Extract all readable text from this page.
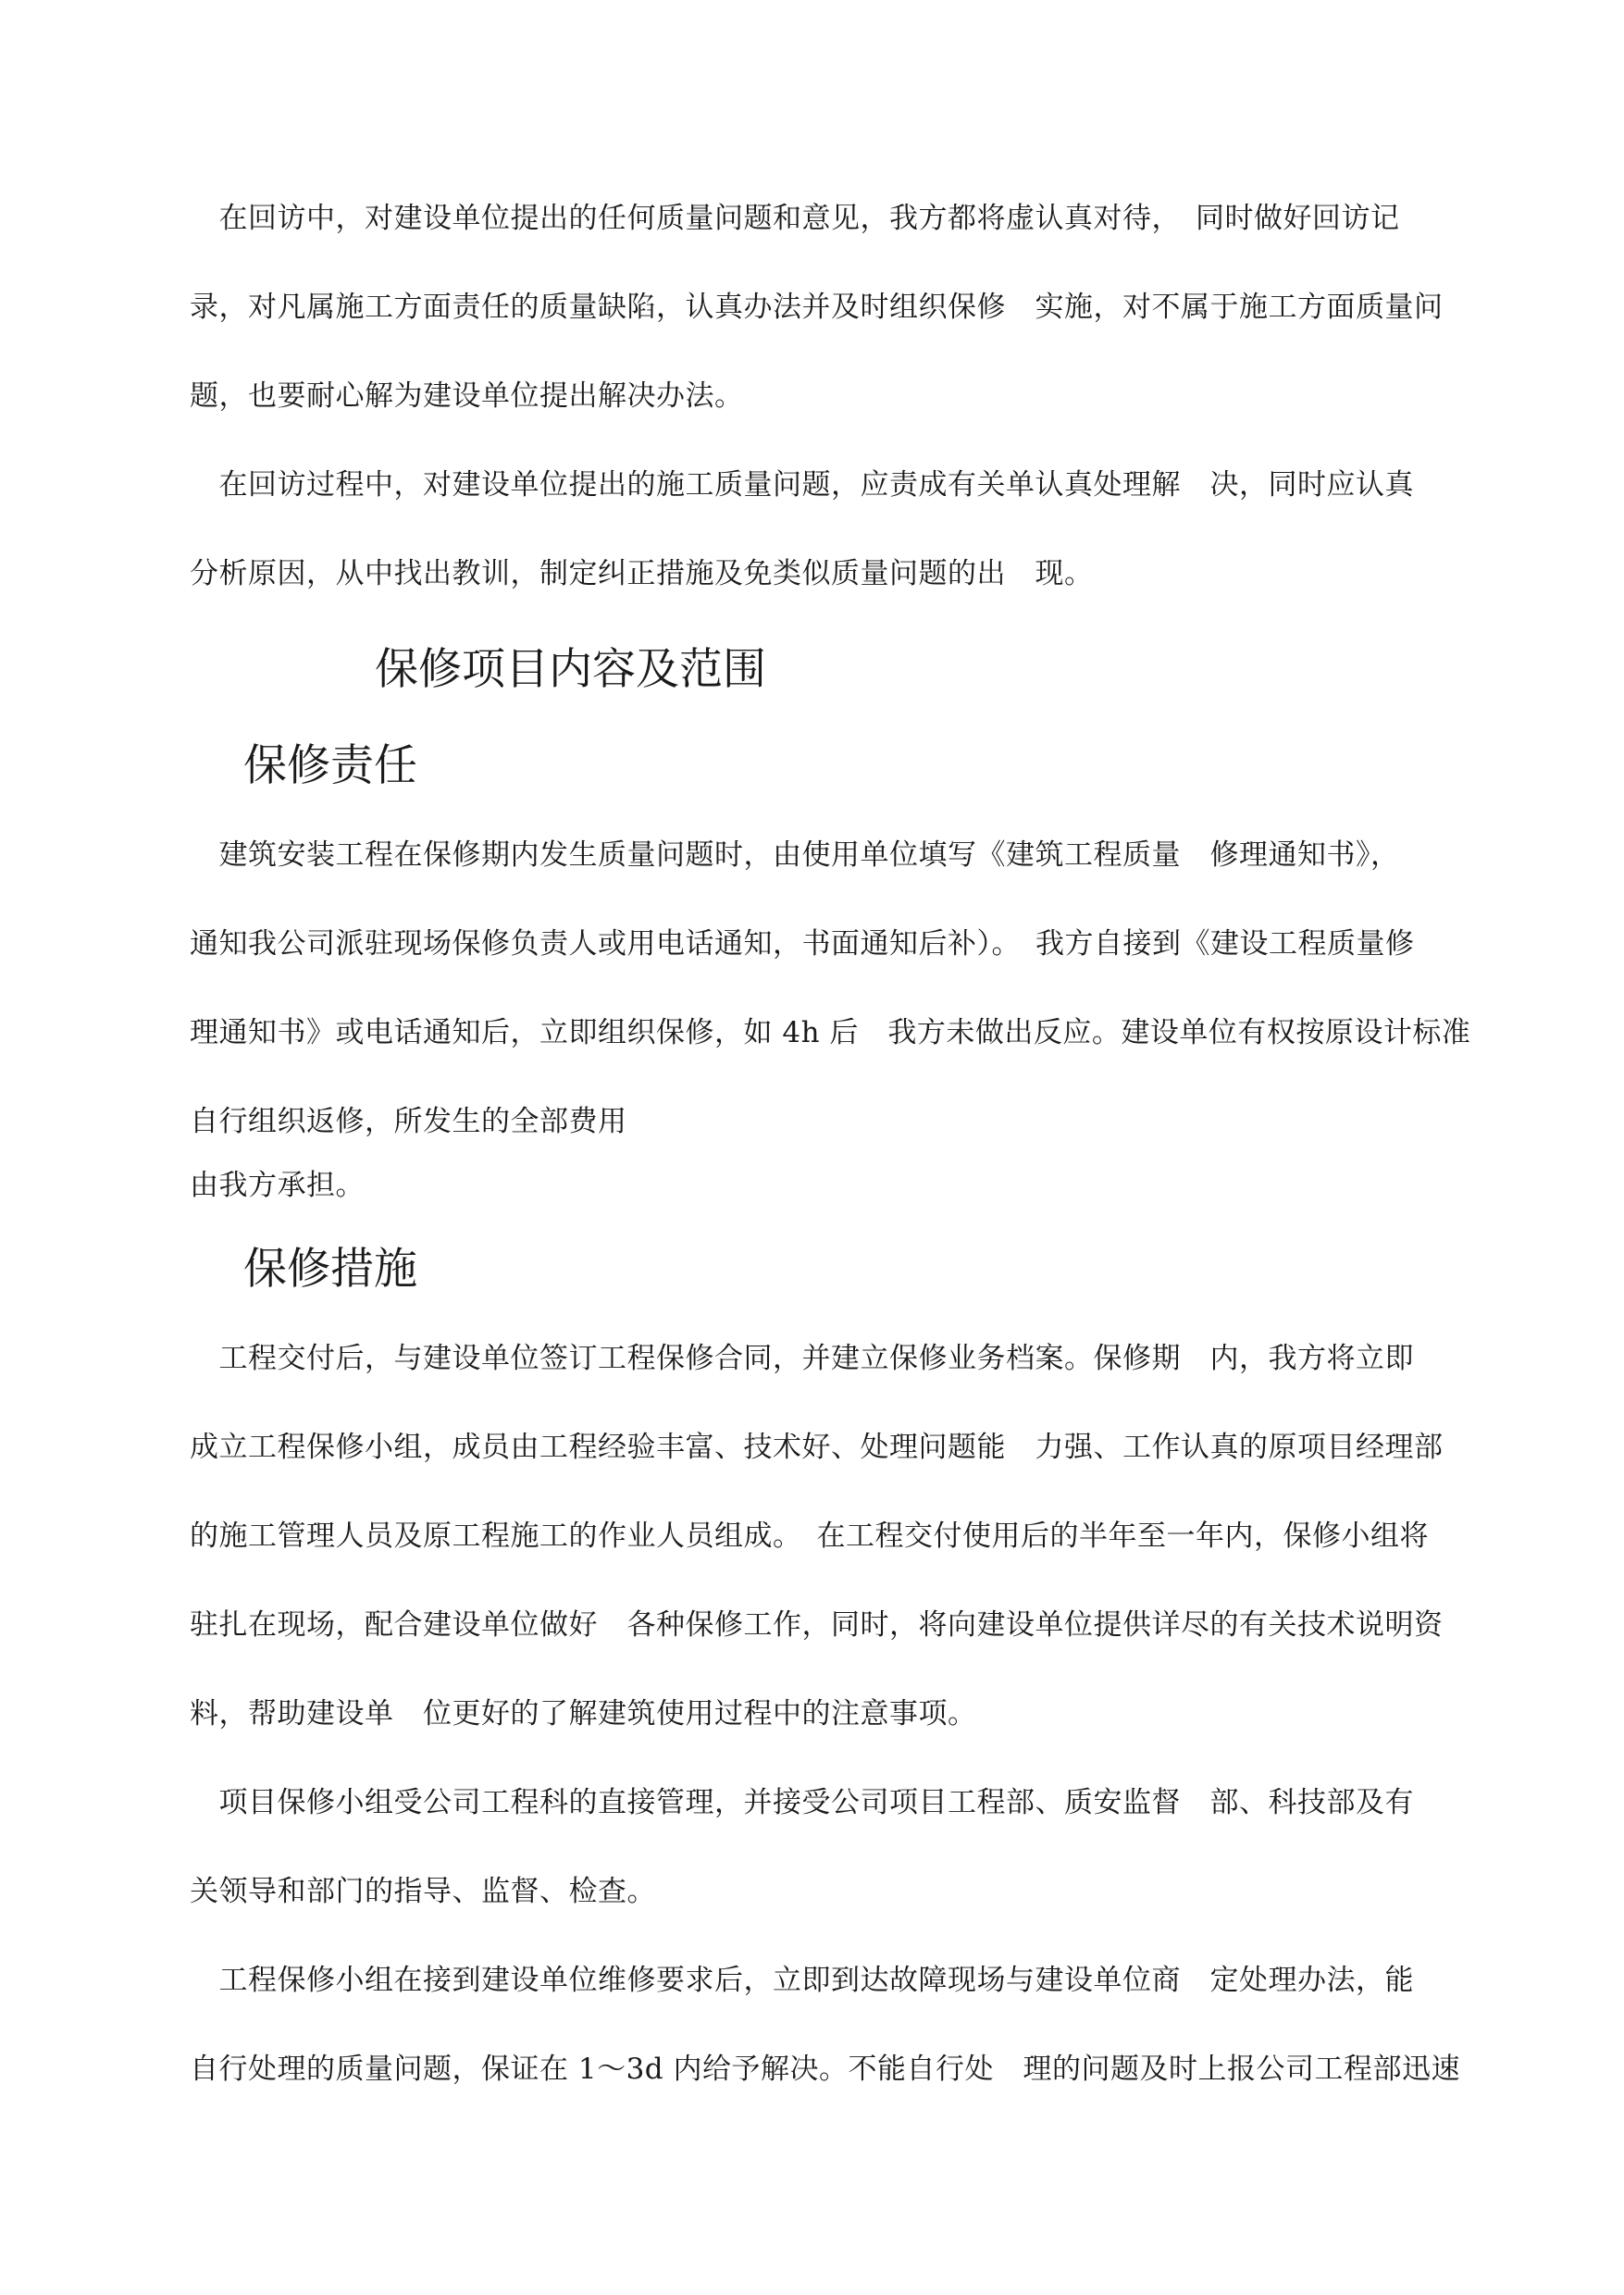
　在回访中，对建设单位提出的任何质量问题和意见，我方都将虚认真对待，　同时做好回访记
录，对凡属施工方面责任的质量缺陷，认真办法并及时组织保修　实施，对不属于施工方面质量问
题，也要耐心解为建设单位提出解决办法。
　在回访过程中，对建设单位提出的施工质量问题，应责成有关单认真处理解　决，同时应认真
分析原因，从中找出教训，制定纠正措施及免类似质量问题的出　现。
保修项目内容及范围
保修责任
　建筑安装工程在保修期内发生质量问题时，由使用单位填写《建筑工程质量　修理通知书》，
通知我公司派驻现场保修负责人或用电话通知，书面通知后补）。　我方自接到《建设工程质量修
理通知书》或电话通知后，立即组织保修，如 4h 后　我方未做出反应。建设单位有权按原设计标准
自行组织返修，所发生的全部费用
由我方承担。
保修措施
　工程交付后，与建设单位签订工程保修合同，并建立保修业务档案。保修期　内，我方将立即
成立工程保修小组，成员由工程经验丰富、技术好、处理问题能　力强、工作认真的原项目经理部
的施工管理人员及原工程施工的作业人员组成。　在工程交付使用后的半年至一年内，保修小组将
驻扎在现场，配合建设单位做好　各种保修工作，同时，将向建设单位提供详尽的有关技术说明资
料，帮助建设单　位更好的了解建筑使用过程中的注意事项。
　项目保修小组受公司工程科的直接管理，并接受公司项目工程部、质安监督　部、科技部及有
关领导和部门的指导、监督、检查。
　工程保修小组在接到建设单位维修要求后，立即到达故障现场与建设单位商　定处理办法，能
自行处理的质量问题，保证在 1～3d 内给予解决。不能自行处　理的问题及时上报公司工程部迅速
